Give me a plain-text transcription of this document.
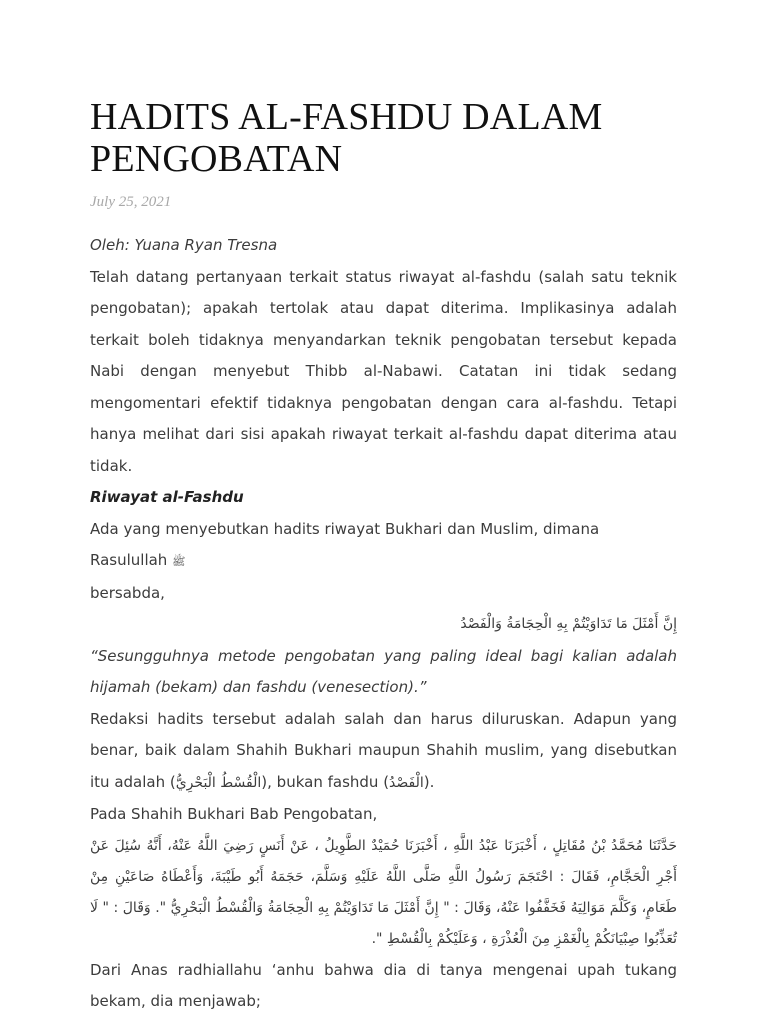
HADITS AL-FASHDU DALAM PENGOBATAN
July 25, 2021

Oleh: Yuana Ryan Tresna

Telah datang pertanyaan terkait status riwayat al-fashdu (salah satu teknik pengobatan); apakah tertolak atau dapat diterima. Implikasinya adalah terkait boleh tidaknya menyandarkan teknik pengobatan tersebut kepada Nabi dengan menyebut Thibb al-Nabawi. Catatan ini tidak sedang mengomentari efektif tidaknya pengobatan dengan cara al-fashdu. Tetapi hanya melihat dari sisi apakah riwayat terkait al-fashdu dapat diterima atau tidak.

Riwayat al-Fashdu

Ada yang menyebutkan hadits riwayat Bukhari dan Muslim, dimana Rasulullah ﷺ
bersabda,

إِنَّ أَمْثَلَ مَا تَدَاوَيْتُمْ بِهِ الْحِجَامَةُ وَالْفَصْدُ

“Sesungguhnya metode pengobatan yang paling ideal bagi kalian adalah hijamah (bekam) dan fashdu (venesection).”

Redaksi hadits tersebut adalah salah dan harus diluruskan. Adapun yang benar, baik dalam Shahih Bukhari maupun Shahih muslim, yang disebutkan itu adalah (الْقُسْطُ الْبَحْرِيُّ), bukan fashdu (الْفَصْدُ).

Pada Shahih Bukhari Bab Pengobatan,

حَدَّثَنَا مُحَمَّدُ بْنُ مُقَاتِلٍ ، أَخْبَرَنَا عَبْدُ اللَّهِ ، أَخْبَرَنَا حُمَيْدٌ الطَّوِيلُ ، عَنْ أَنَسٍ رَضِيَ اللَّهُ عَنْهُ، أَنَّهُ سُئِلَ عَنْ أَجْرِ الْحَجَّامِ، فَقَالَ : احْتَجَمَ رَسُولُ اللَّهِ صَلَّى اللَّهُ عَلَيْهِ وَسَلَّمَ، حَجَمَهُ أَبُو طَيْبَةَ، وَأَعْطَاهُ صَاعَيْنِ مِنْ طَعَامٍ، وَكَلَّمَ مَوَالِيَهُ فَخَفَّفُوا عَنْهُ، وَقَالَ : " إِنَّ أَمْثَلَ مَا تَدَاوَيْتُمْ بِهِ الْحِجَامَةُ وَالْقُسْطُ الْبَحْرِيُّ ". وَقَالَ : " لَا تُعَذِّبُوا صِبْيَانَكُمْ بِالْغَمْزِ مِنَ الْعُذْرَةِ ، وَعَلَيْكُمْ بِالْقُسْطِ ".

Dari Anas radhiallahu ‘anhu bahwa dia di tanya mengenai upah tukang bekam, dia menjawab;
